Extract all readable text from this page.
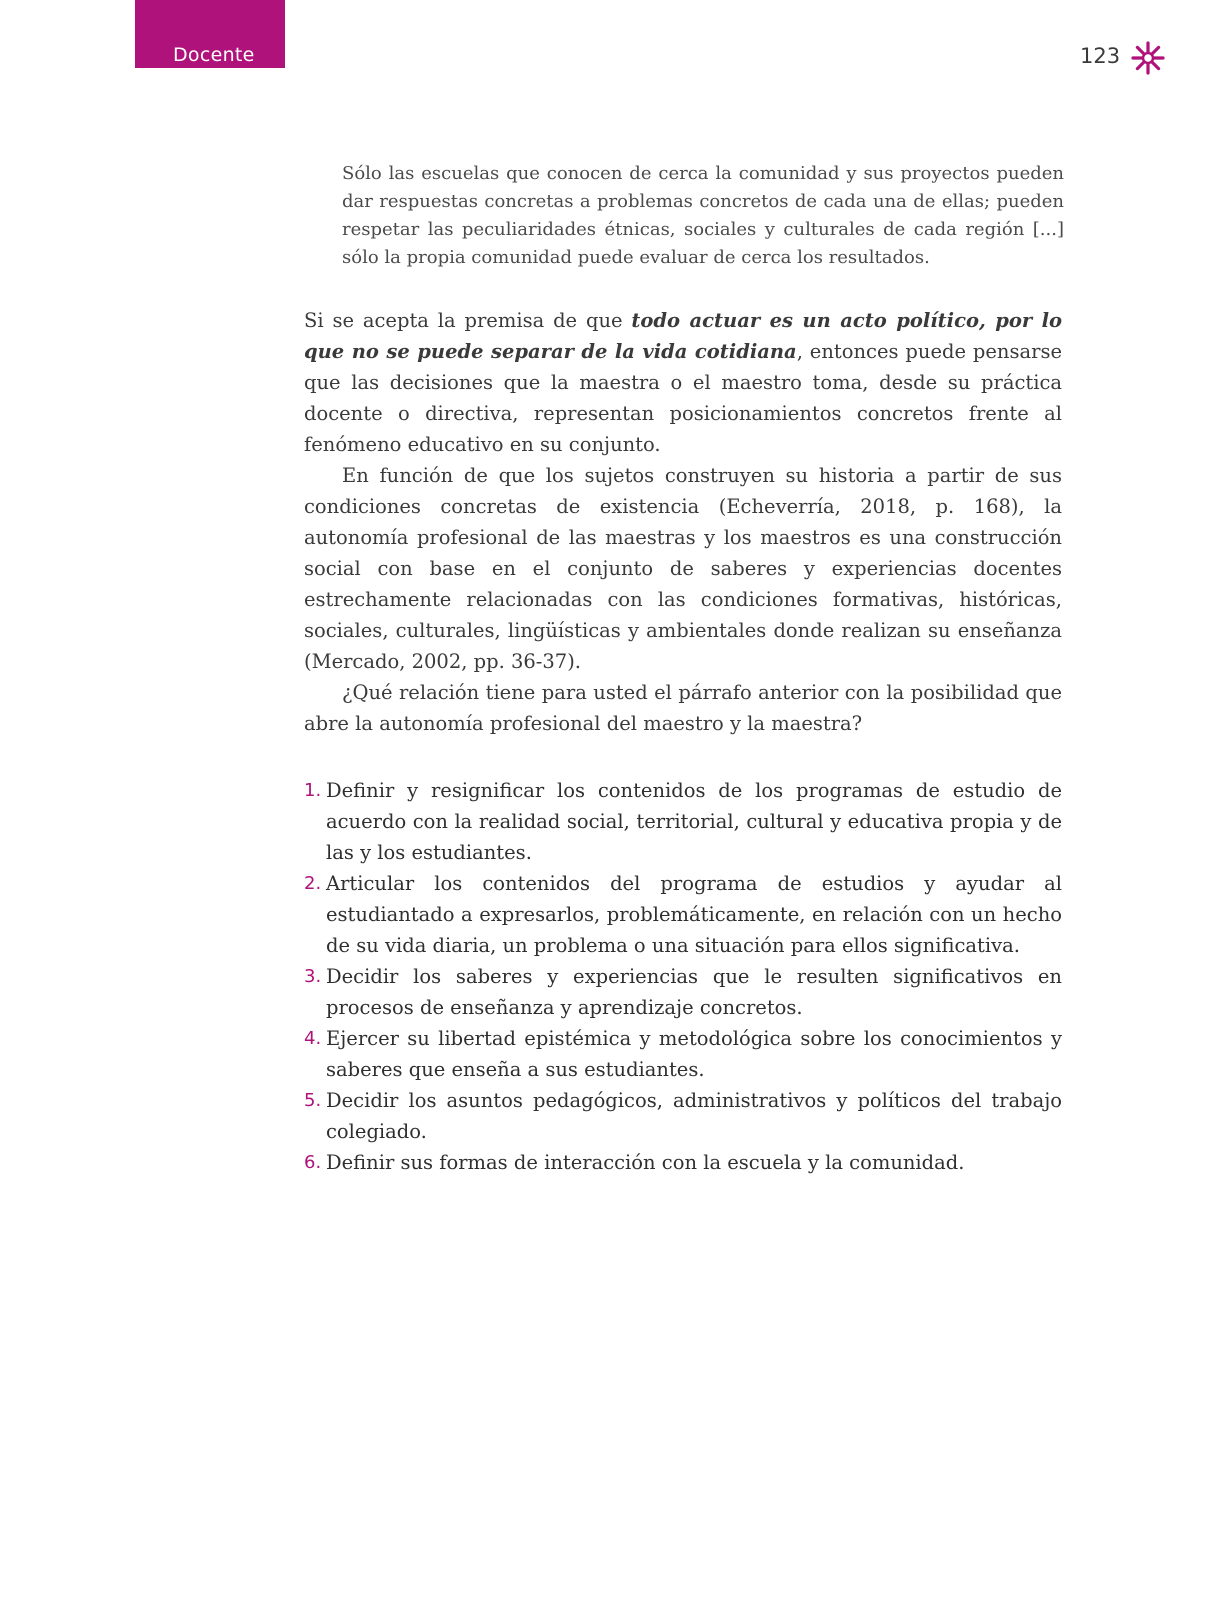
Docente	123

Sólo las escuelas que conocen de cerca la comunidad y sus proyectos pueden dar respuestas concretas a problemas concretos de cada una de ellas; pueden respetar las peculiaridades étnicas, sociales y culturales de cada región [...] sólo la propia comunidad puede evaluar de cerca los resultados.

Si se acepta la premisa de que todo actuar es un acto político, por lo que no se puede separar de la vida cotidiana, entonces puede pensarse que las decisiones que la maestra o el maestro toma, desde su práctica docente o directiva, representan posicionamientos concretos frente al fenómeno educativo en su conjunto.

En función de que los sujetos construyen su historia a partir de sus condiciones concretas de existencia (Echeverría, 2018, p. 168), la autonomía profesional de las maestras y los maestros es una construcción social con base en el conjunto de saberes y experiencias docentes estrechamente relacionadas con las condiciones formativas, históricas, sociales, culturales, lingüísticas y ambientales donde realizan su enseñanza (Mercado, 2002, pp. 36-37).

¿Qué relación tiene para usted el párrafo anterior con la posibilidad que abre la autonomía profesional del maestro y la maestra?

1. Definir y resignificar los contenidos de los programas de estudio de acuerdo con la realidad social, territorial, cultural y educativa propia y de las y los estudiantes.
2. Articular los contenidos del programa de estudios y ayudar al estudiantado a expresarlos, problemáticamente, en relación con un hecho de su vida diaria, un problema o una situación para ellos significativa.
3. Decidir los saberes y experiencias que le resulten significativos en procesos de enseñanza y aprendizaje concretos.
4. Ejercer su libertad epistémica y metodológica sobre los conocimientos y saberes que enseña a sus estudiantes.
5. Decidir los asuntos pedagógicos, administrativos y políticos del trabajo colegiado.
6. Definir sus formas de interacción con la escuela y la comunidad.
